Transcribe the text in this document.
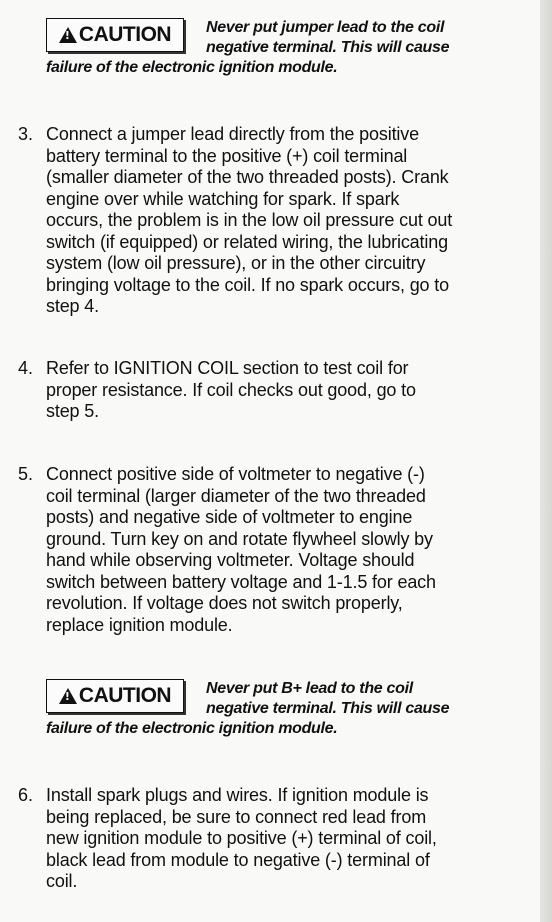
!
CAUTION Never put jumper lead to the coil
negative terminal. This will cause
failure of the electronic ignition module.
3. Connect a jumper lead directly from the positive
battery terminal to the positive (+) coil terminal
(smaller diameter of the two threaded posts). Crank
engine over while watching for spark. If spark
occurs, the problem is in the low oil pressure cut out
switch (if equipped) or related wiring, the lubricating
system (low oil pressure), or in the other circuitry
bringing voltage to the coil. If no spark occurs, go to
step 4.
4. Refer to IGNITION COIL section to test coil for
proper resistance. If coil checks out good, go to
step 5.
5. Connect positive side of voltmeter to negative (-)
coil terminal (larger diameter of the two threaded
posts) and negative side of voltmeter to engine
ground. Turn key on and rotate flywheel slowly by
hand while observing voltmeter. Voltage should
switch between battery voltage and 1-1.5 for each
revolution. If voltage does not switch properly,
replace ignition module.
!
CAUTION Never put B+ lead to the coil
negative terminal. This will cause
failure of the electronic ignition module.
6. Install spark plugs and wires. If ignition module is
being replaced, be sure to connect red lead from
new ignition module to positive (+) terminal of coil,
black lead from module to negative (-) terminal of
coil.
